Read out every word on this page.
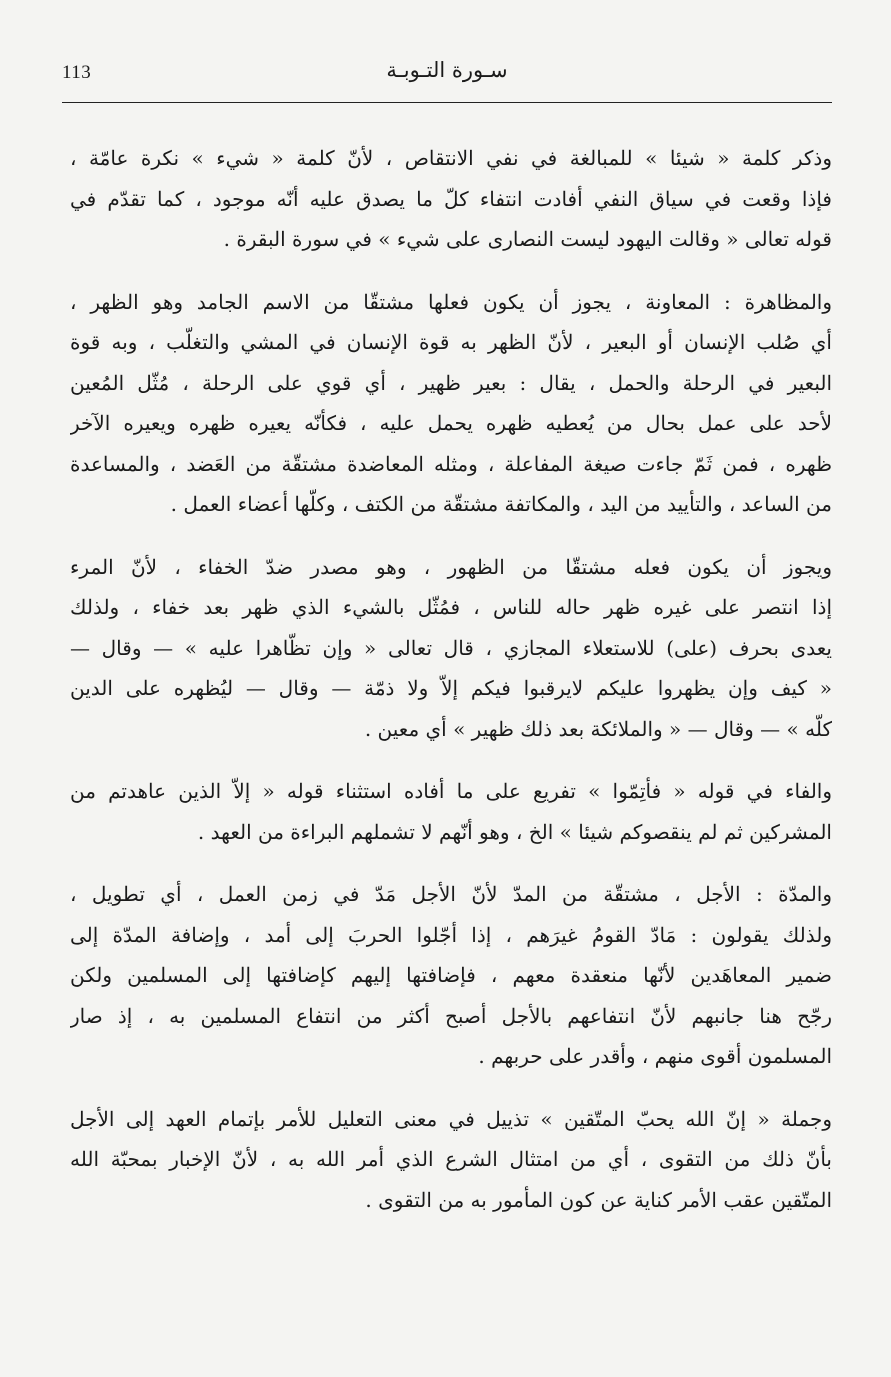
113	سـورة التـوبـة
وذكر كلمة « شيئا » للمبالغة في نفي الانتقاص ، لأنّ كلمة « شيء » نكرة عامّة ،
فإذا وقعت في سياق النفي أفادت انتفاء كلّ ما يصدق عليه أنّه موجود ، كما تقدّم في
قوله تعالى « وقالت اليهود ليست النصارى على شيء » في سورة البقرة .
والمظاهرة : المعاونة ، يجوز أن يكون فعلها مشتقّا من الاسم الجامد وهو الظهر ،
أي صُلب الإنسان أو البعير ، لأنّ الظهر به قوة الإنسان في المشي والتغلّب ، وبه قوة
البعير في الرحلة والحمل ، يقال : بعير ظهير ، أي قوي على الرحلة ، مُثّل المُعين
لأحد على عمل بحال من يُعطيه ظهره يحمل عليه ، فكأنّه يعيره ظهره ويعيره الآخر
ظهره ، فمن ثَمّ جاءت صيغة المفاعلة ، ومثله المعاضدة مشتقّة من العَضد ، والمساعدة
من الساعد ، والتأييد من اليد ، والمكاتفة مشتقّة من الكتف ، وكلّها أعضاء العمل .
ويجوز أن يكون فعله مشتقّا من الظهور ، وهو مصدر ضدّ الخفاء ، لأنّ المرء
إذا انتصر على غيره ظهر حاله للناس ، فمُثّل بالشيء الذي ظهر بعد خفاء ، ولذلك
يعدى بحرف (على) للاستعلاء المجازي ، قال تعالى « وإن تظّاهرا عليه » — وقال —
« كيف وإن يظهروا عليكم لايرقبوا فيكم إلاّ ولا ذمّة — وقال — ليُظهره على الدين
كلّه » — وقال — « والملائكة بعد ذلك ظهير » أي معين .
والفاء في قوله « فأتِمّوا » تفريع على ما أفاده استثناء قوله « إلاّ الذين عاهدتم من
المشركين ثم لم ينقصوكم شيئا » الخ ، وهو أنّهم لا تشملهم البراءة من العهد .
والمدّة : الأجل ، مشتقّة من المدّ لأنّ الأجل مَدّ في زمن العمل ، أي تطويل ،
ولذلك يقولون : مَادّ القومُ غيرَهم ، إذا أجّلوا الحربَ إلى أمد ، وإضافة المدّة إلى
ضمير المعاهَدين لأنّها منعقدة معهم ، فإضافتها إليهم كإضافتها إلى المسلمين ولكن
رجّح هنا جانبهم لأنّ انتفاعهم بالأجل أصبح أكثر من انتفاع المسلمين به ، إذ صار
المسلمون أقوى منهم ، وأقدر على حربهم .
وجملة « إنّ الله يحبّ المتّقين » تذييل في معنى التعليل للأمر بإتمام العهد إلى الأجل
بأنّ ذلك من التقوى ، أي من امتثال الشرع الذي أمر الله به ، لأنّ الإخبار بمحبّة الله
المتّقين عقب الأمر كناية عن كون المأمور به من التقوى .
